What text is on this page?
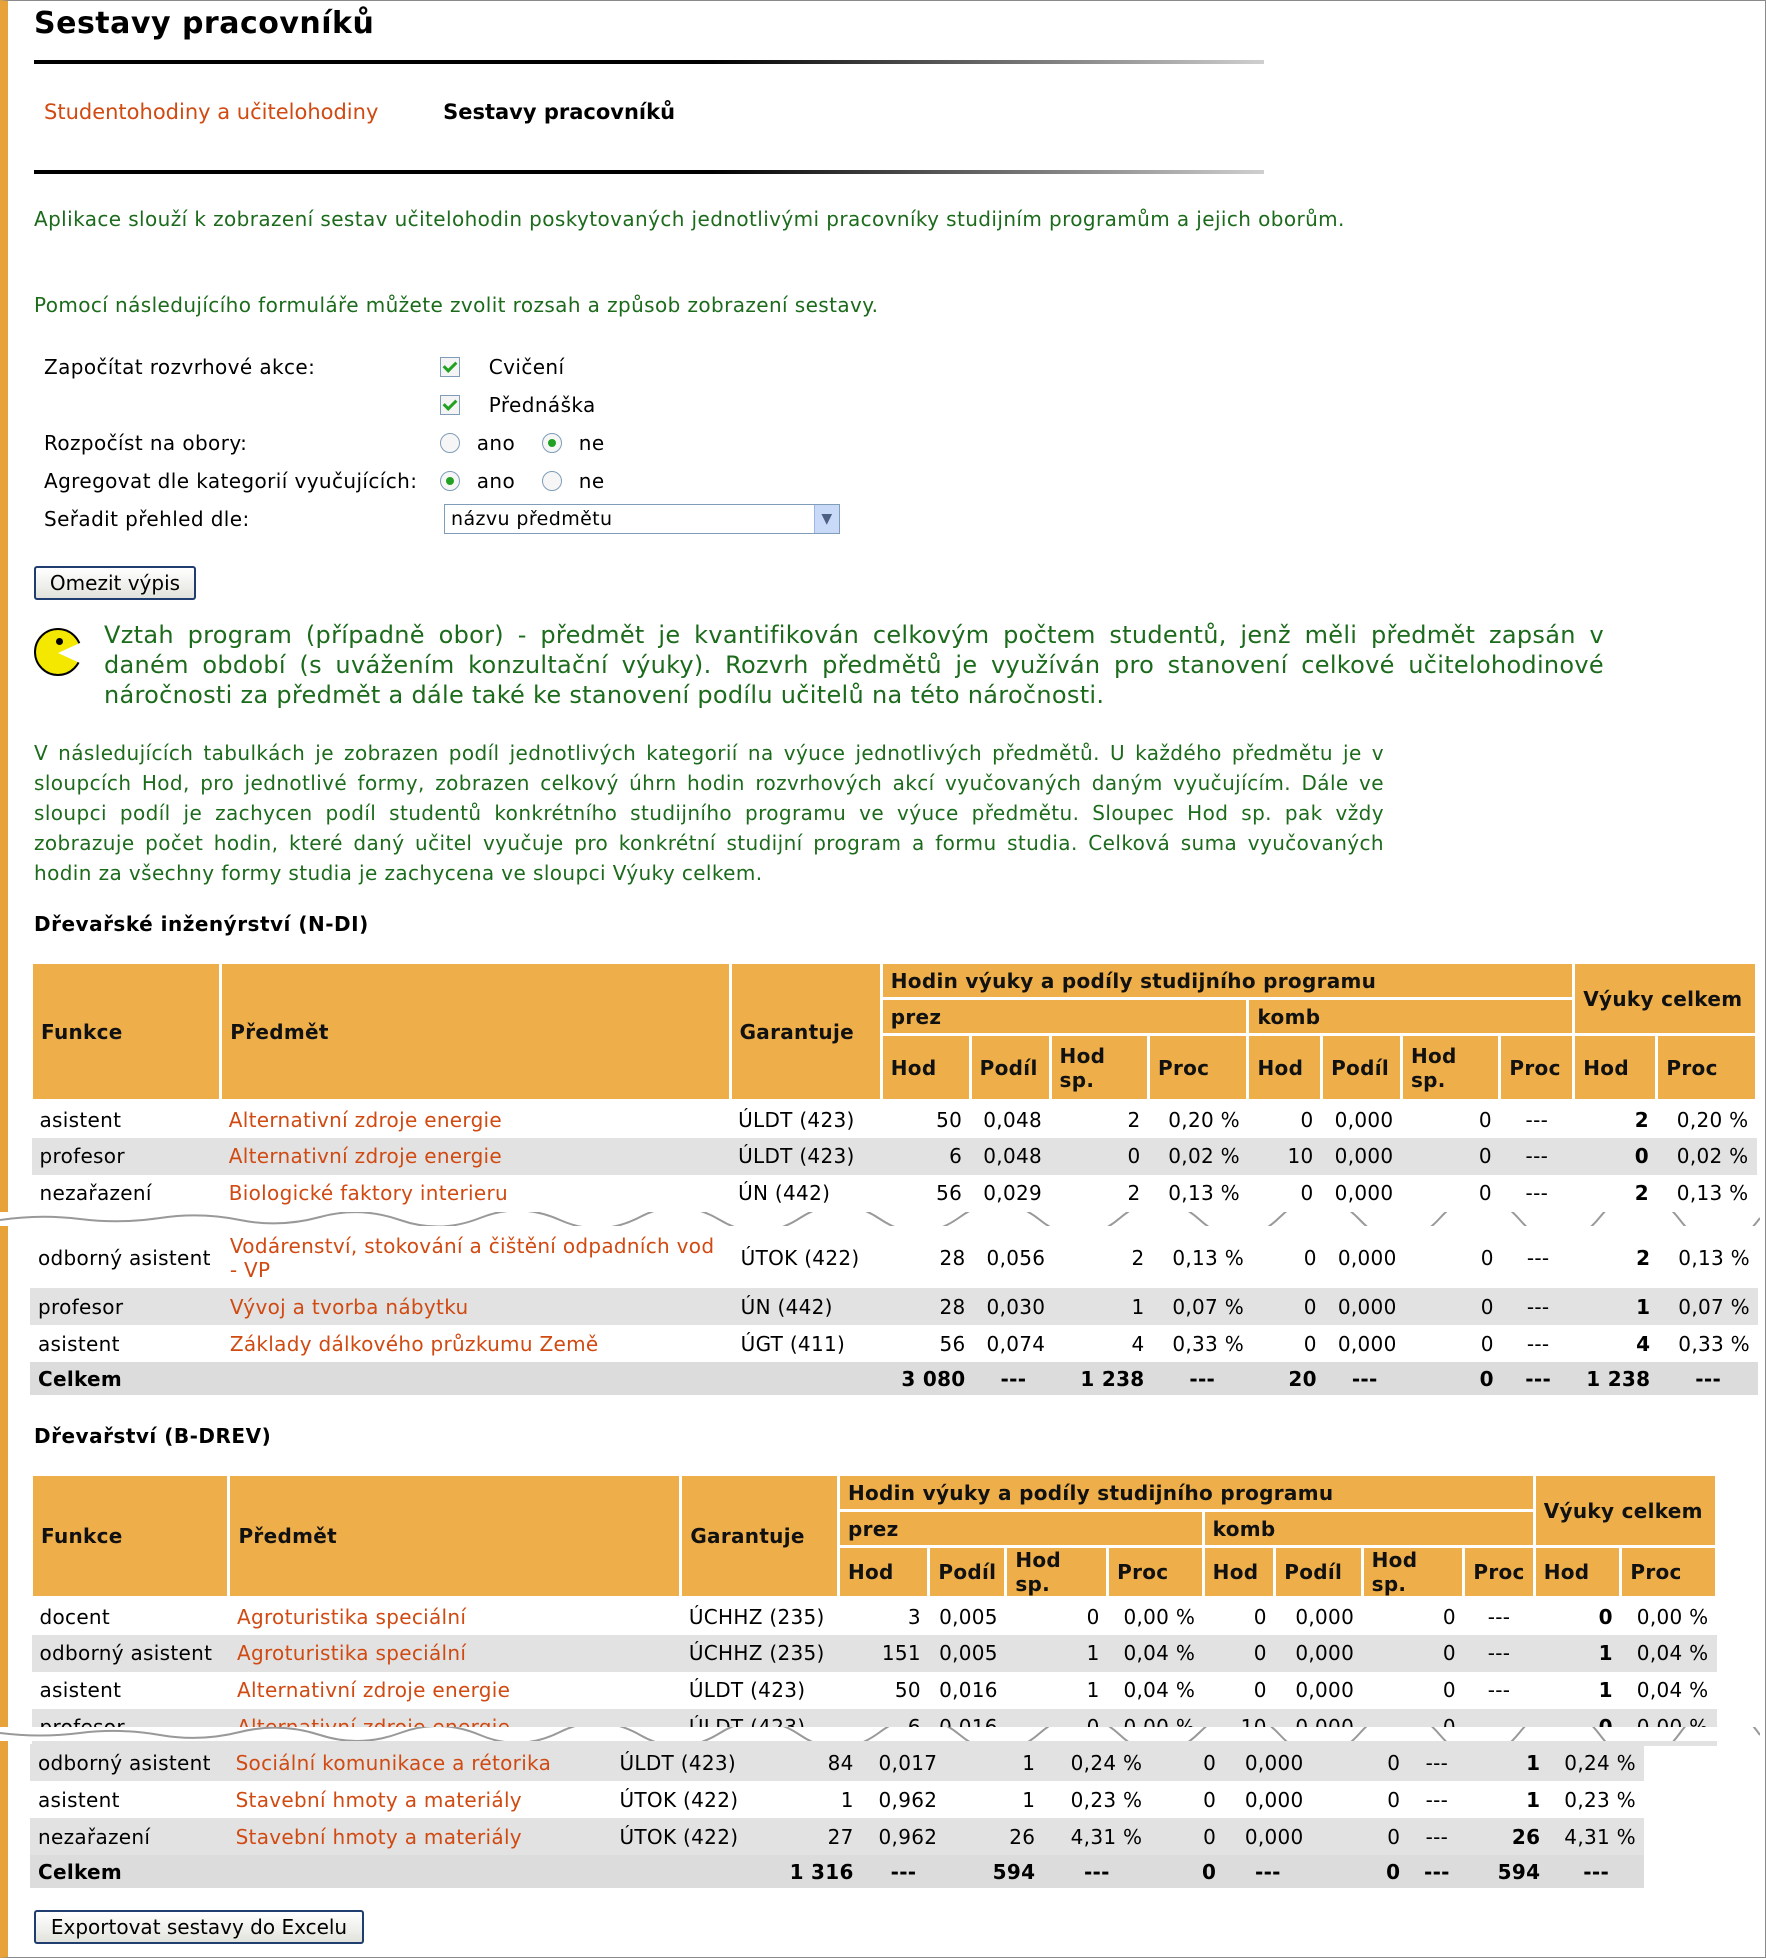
Sestavy pracovníků
Studentohodiny a učitelohodiny	Sestavy pracovníků
Aplikace slouží k zobrazení sestav učitelohodin poskytovaných jednotlivými pracovníky studijním programům a jejich oborům.
Pomocí následujícího formuláře můžete zvolit rozsah a způsob zobrazení sestavy.
Započítat rozvrhové akce:	Cvičení
Přednáška
Rozpočíst na obory:	ano	ne
Agregovat dle kategorií vyučujících:	ano	ne
Seřadit přehled dle:	názvu předmětu	▼
Omezit výpis
Vztah program (případně obor) - předmět je kvantifikován celkovým počtem studentů, jenž měli předmět zapsán v daném období (s uvážením konzultační výuky). Rozvrh předmětů je využíván pro stanovení celkové učitelohodinové náročnosti za předmět a dále také ke stanovení podílu učitelů na této náročnosti.
V následujících tabulkách je zobrazen podíl jednotlivých kategorií na výuce jednotlivých předmětů. U každého předmětu je v sloupcích Hod, pro jednotlivé formy, zobrazen celkový úhrn hodin rozvrhových akcí vyučovaných daným vyučujícím. Dále ve sloupci podíl je zachycen podíl studentů konkrétního studijního programu ve výuce předmětu. Sloupec Hod sp. pak vždy zobrazuje počet hodin, které daný učitel vyučuje pro konkrétní studijní program a formu studia. Celková suma vyučovaných hodin za všechny formy studia je zachycena ve sloupci Výuky celkem.
Dřevařské inženýrství (N-DI)
Funkce	Předmět	Garantuje	Hodin výuky a podíly studijního programu								Výuky celkem	
			prez				komb					
			Hod	Podíl	Hod sp.	Proc	Hod	Podíl	Hod sp.	Proc	Hod	Proc
asistent	Alternativní zdroje energie	ÚLDT (423)	50	0,048	2	0,20 %	0	0,000	0	---	2	0,20 %
profesor	Alternativní zdroje energie	ÚLDT (423)	6	0,048	0	0,02 %	10	0,000	0	---	0	0,02 %
nezařazení	Biologické faktory interieru	ÚN (442)	56	0,029	2	0,13 %	0	0,000	0	---	2	0,13 %
odborný asistent	Vodárenství, stokování a čištění odpadních vod - VP	ÚTOK (422)	28	0,056	2	0,13 %	0	0,000	0	---	2	0,13 %
profesor	Vývoj a tvorba nábytku	ÚN (442)	28	0,030	1	0,07 %	0	0,000	0	---	1	0,07 %
asistent	Základy dálkového průzkumu Země	ÚGT (411)	56	0,074	4	0,33 %	0	0,000	0	---	4	0,33 %
Celkem			3 080	---	1 238	---	20	---	0	---	1 238	---
Dřevařství (B-DREV)
Funkce	Předmět	Garantuje	Hodin výuky a podíly studijního programu								Výuky celkem	
			prez				komb					
			Hod	Podíl	Hod sp.	Proc	Hod	Podíl	Hod sp.	Proc	Hod	Proc
docent	Agroturistika speciální	ÚCHHZ (235)	3	0,005	0	0,00 %	0	0,000	0	---	0	0,00 %
odborný asistent	Agroturistika speciální	ÚCHHZ (235)	151	0,005	1	0,04 %	0	0,000	0	---	1	0,04 %
asistent	Alternativní zdroje energie	ÚLDT (423)	50	0,016	1	0,04 %	0	0,000	0	---	1	0,04 %

odborný asistent	Sociální komunikace a rétorika	ÚLDT (423)	84	0,017	1	0,24 %	0	0,000	0	---	1	0,24 %
asistent	Stavební hmoty a materiály	ÚTOK (422)	1	0,962	1	0,23 %	0	0,000	0	---	1	0,23 %
nezařazení	Stavební hmoty a materiály	ÚTOK (422)	27	0,962	26	4,31 %	0	0,000	0	---	26	4,31 %
Celkem			1 316	---	594	---	0	---	0	---	594	---
Exportovat sestavy do Excelu
